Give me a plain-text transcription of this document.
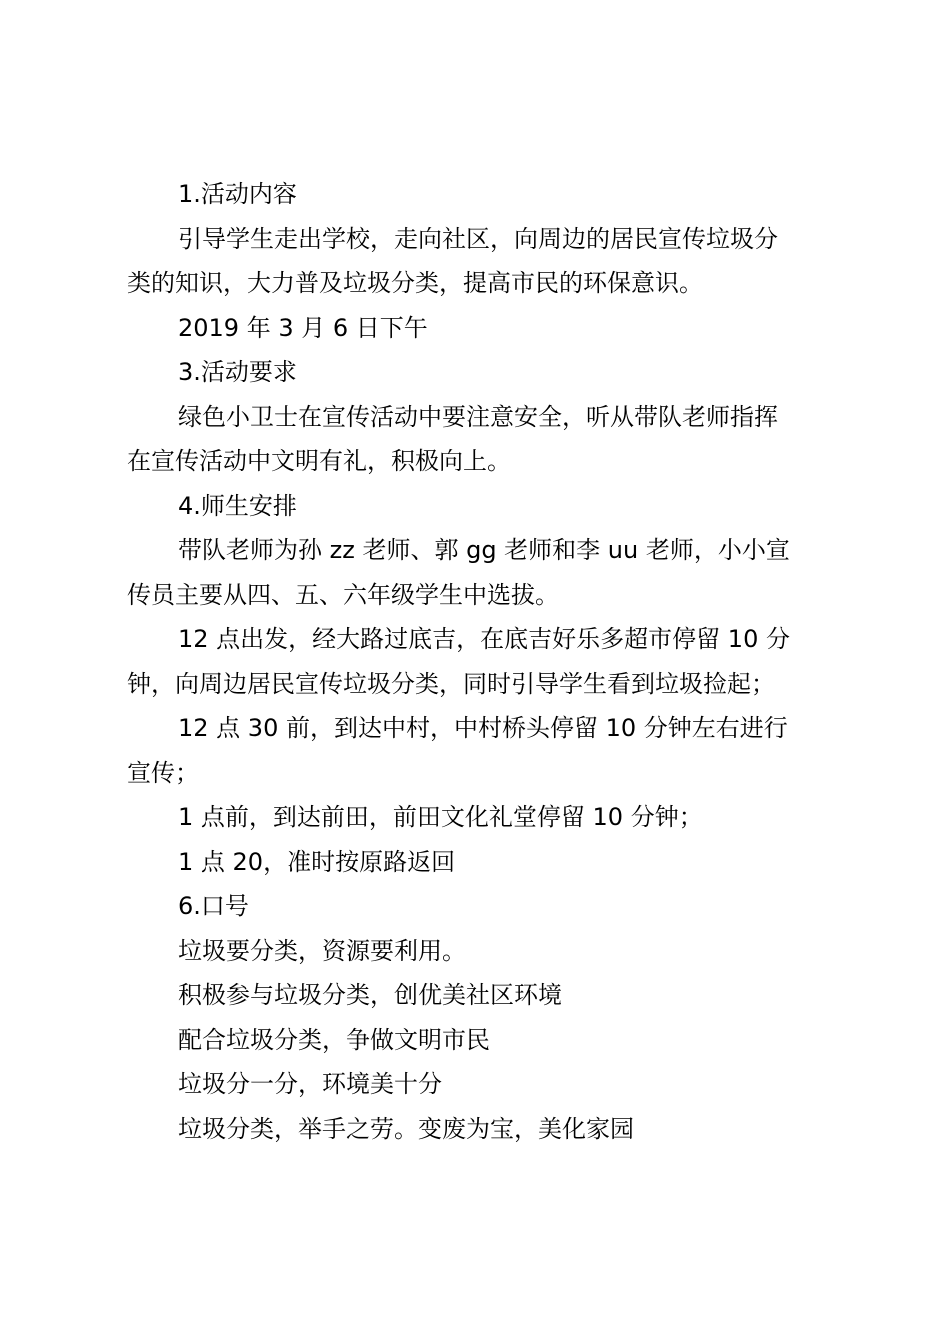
1.活动内容
引导学生走出学校，走向社区，向周边的居民宣传垃圾分
类的知识，大力普及垃圾分类，提高市民的环保意识。
2019 年 3 月 6 日下午
3.活动要求
绿色小卫士在宣传活动中要注意安全，听从带队老师指挥
在宣传活动中文明有礼，积极向上。
4.师生安排
带队老师为孙 zz 老师、郭 gg 老师和李 uu 老师，小小宣
传员主要从四、五、六年级学生中选拔。
12 点出发，经大路过底吉，在底吉好乐多超市停留 10 分
钟，向周边居民宣传垃圾分类，同时引导学生看到垃圾捡起；
12 点 30 前，到达中村，中村桥头停留 10 分钟左右进行
宣传；
1 点前，到达前田，前田文化礼堂停留 10 分钟；
1 点 20，准时按原路返回
6.口号
垃圾要分类，资源要利用。
积极参与垃圾分类，创优美社区环境
配合垃圾分类，争做文明市民
垃圾分一分，环境美十分
垃圾分类，举手之劳。变废为宝，美化家园
